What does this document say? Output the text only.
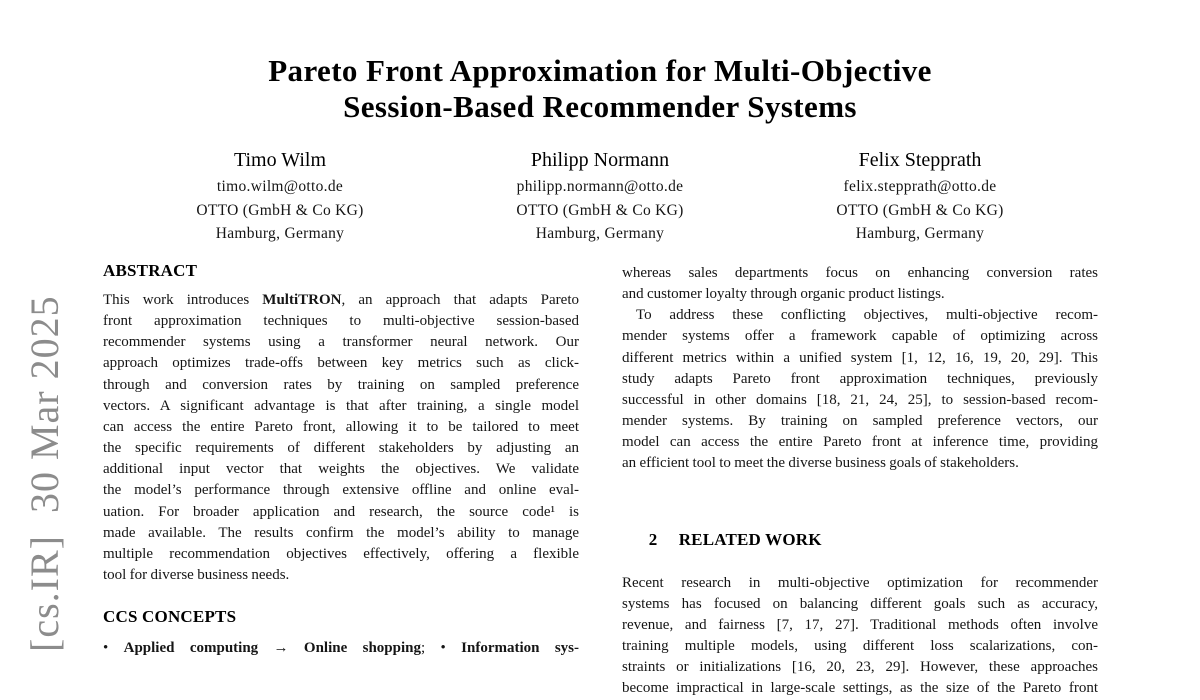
[cs.IR]  30 Mar 2025
Pareto Front Approximation for Multi-Objective
Session-Based Recommender Systems
Timo Wilm
timo.wilm@otto.de
OTTO (GmbH & Co KG)
Hamburg, Germany
Philipp Normann
philipp.normann@otto.de
OTTO (GmbH & Co KG)
Hamburg, Germany
Felix Stepprath
felix.stepprath@otto.de
OTTO (GmbH & Co KG)
Hamburg, Germany
ABSTRACT
This work introduces MultiTRON, an approach that adapts Pareto
front approximation techniques to multi-objective session-based
recommender systems using a transformer neural network. Our
approach optimizes trade-offs between key metrics such as click-
through and conversion rates by training on sampled preference
vectors. A significant advantage is that after training, a single model
can access the entire Pareto front, allowing it to be tailored to meet
the specific requirements of different stakeholders by adjusting an
additional input vector that weights the objectives. We validate
the model’s performance through extensive offline and online eval-
uation. For broader application and research, the source code¹ is
made available. The results confirm the model’s ability to manage
multiple recommendation objectives effectively, offering a flexible
tool for diverse business needs.
CCS CONCEPTS
• Applied computing → Online shopping; • Information sys-
whereas sales departments focus on enhancing conversion rates
and customer loyalty through organic product listings.
To address these conflicting objectives, multi-objective recom-
mender systems offer a framework capable of optimizing across
different metrics within a unified system [1, 12, 16, 19, 20, 29]. This
study adapts Pareto front approximation techniques, previously
successful in other domains [18, 21, 24, 25], to session-based recom-
mender systems. By training on sampled preference vectors, our
model can access the entire Pareto front at inference time, providing
an efficient tool to meet the diverse business goals of stakeholders.

2 RELATED WORK

Recent research in multi-objective optimization for recommender
systems has focused on balancing different goals such as accuracy,
revenue, and fairness [7, 17, 27]. Traditional methods often involve
training multiple models, using different loss scalarizations, con-
straints or initializations [16, 20, 23, 29]. However, these approaches
become impractical in large-scale settings, as the size of the Pareto front
